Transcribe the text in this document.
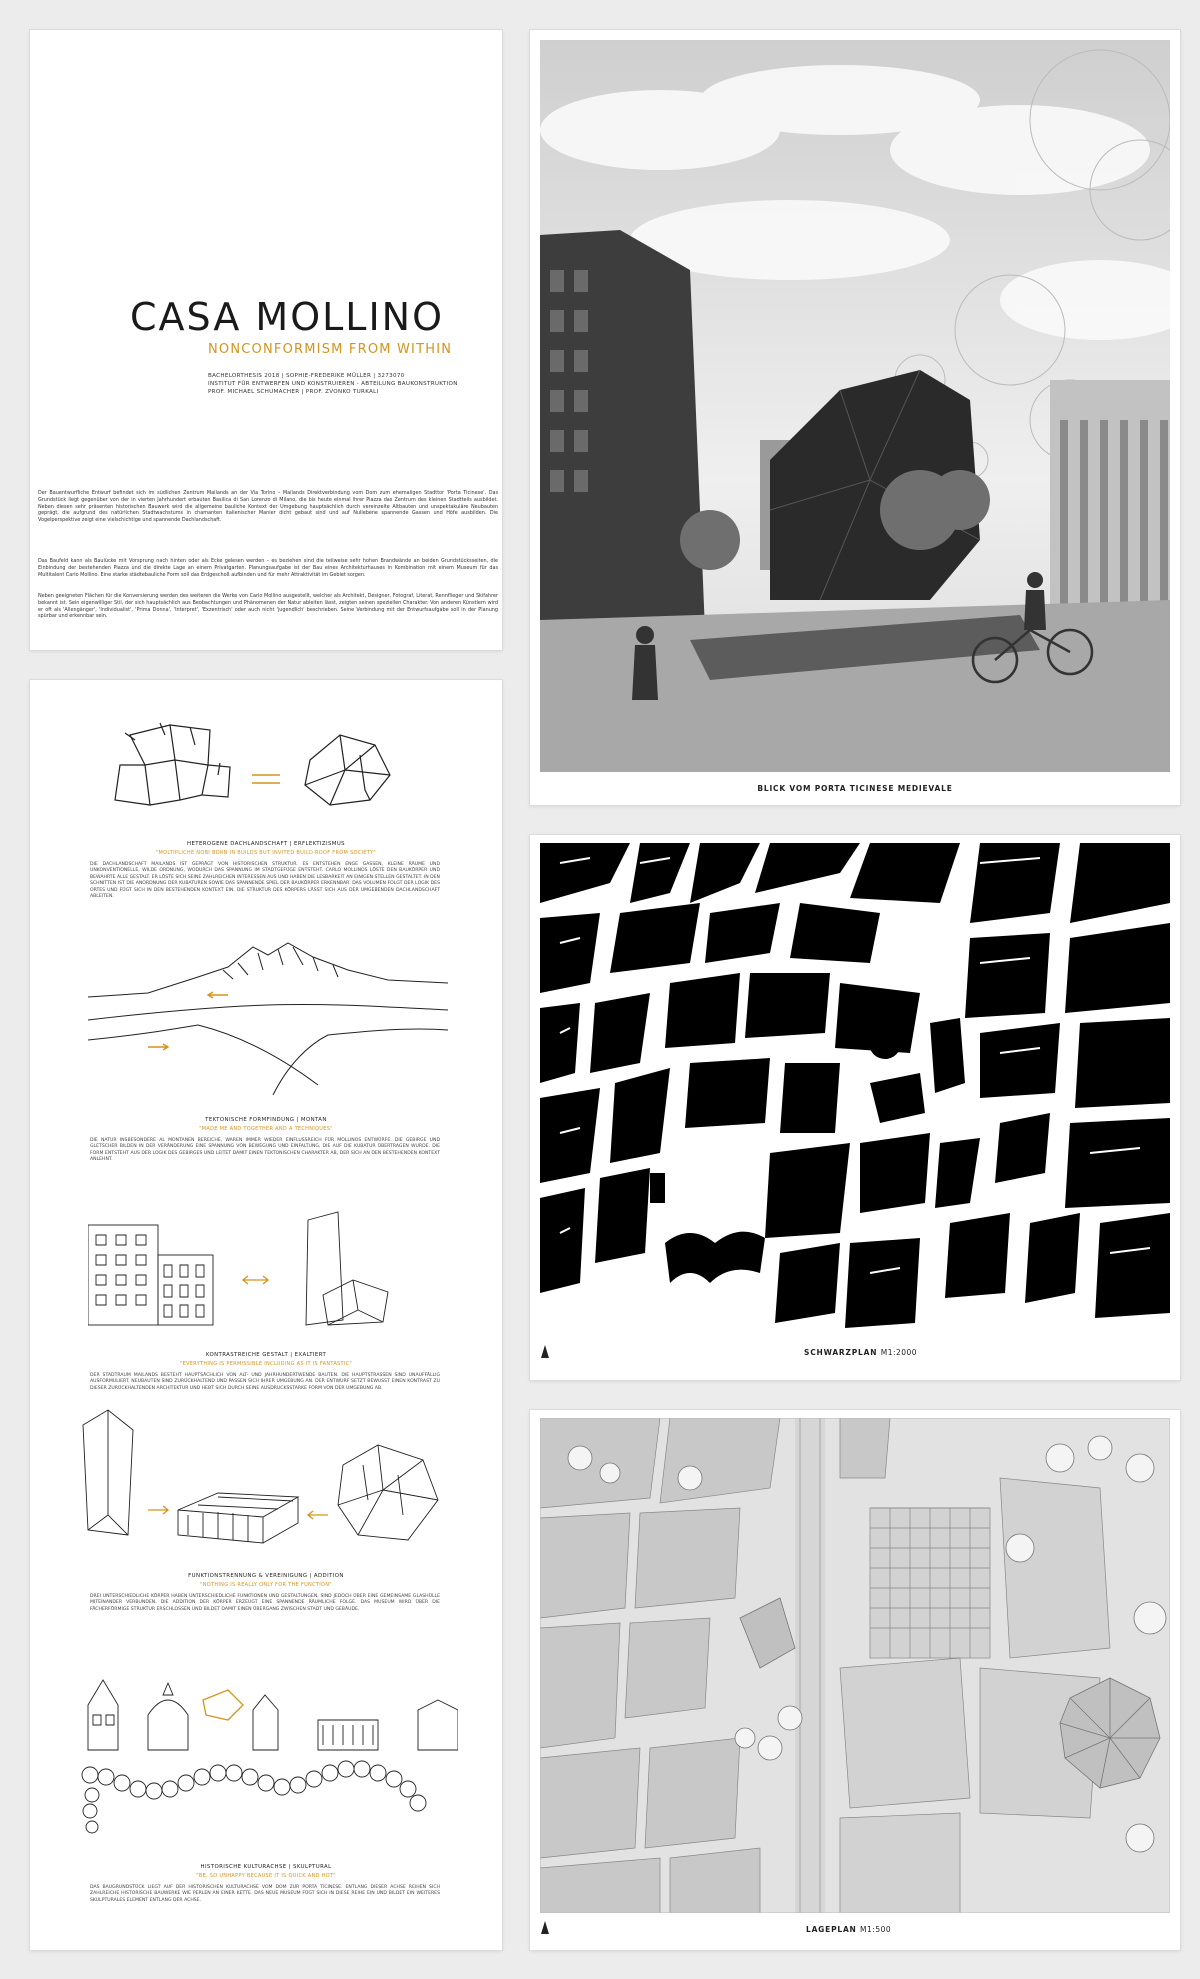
CASA MOLLINO
NONCONFORMISM FROM WITHIN
BACHELORTHESIS 2018 | SOPHIE-FREDERIKE MÜLLER | 3273070
INSTITUT FÜR ENTWERFEN UND KONSTRUIEREN - ABTEILUNG BAUKONSTRUKTION
PROF. MICHAEL SCHUMACHER | PROF. ZVONKO TURKALI
Der Bauentwurfliche Entwurf befindet sich im südlichen Zentrum Mailands an der Via Torino – Mailands Direktverbindung vom Dom zum ehemaligen Stadttor 'Porta Ticinese'. Das Grundstück liegt gegenüber von der in vierten Jahrhundert erbauten Basilica di San Lorenzo di Milano, die bis heute einmal ihrer Piazza das Zentrum des kleinen Stadtteils ausbildet. Neben diesen sehr präsenten historischen Bauwerk wird die allgemeine bauliche Kontext der Umgebung hauptsächlich durch vereinzelte Altbauten und unspektakuläre Neubauten geprägt, die aufgrund des natürlichen Stadtwachstums in chamanten italienischer Manier dicht gebaut sind und auf Nullebene spannende Gassen und Höfe ausbilden. Die Vogelperspektive zeigt eine vielschichtige und spannende Dachlandschaft.
Das Baufeld kann als Baulücke mit Vorsprung nach hinten oder als Ecke gelesen werden – es beziehen sind die teilweise sehr hohen Brandwände an beiden Grundstücksseiten, die Einbindung der bestehenden Piazza und die direkte Lage an einem Privatgarten. Planungsaufgabe ist der Bau eines Architekturhauses in Kombination mit einem Museum für das Multitalent Carlo Mollino. Eine starke städtebauliche Form soll das Erdgeschoß aufbinden und für mehr Attraktivität im Gebiet sorgen.
Neben geeigneten Flächen für die Konversierung werden des weiteren die Werke von Carlo Mollino ausgestellt, welcher als Architekt, Designer, Fotograf, Literat, Rennflieger und Skifahrer bekannt ist. Sein eigenwilliger Stil, der sich hauptsächlich aus Beobachtungen und Phänomenen der Natur ableiten lässt, zeigten seinen speziellen Charakter. Von anderen Künstlern wird er oft als 'Allengänger', 'Individualist', 'Prima Donna', 'Interpret', 'Exzentrisch' oder auch nicht 'jugendlich' beschrieben. Seine Verbindung mit der Entwurfsaufgabe soll in der Planung spürbar und erkennbar sein.
HETEROGENE DACHLANDSCHAFT | ERFLEKTIZISMUS
"MOLTIPLICHE NOBI BORN IN BUILDS BUT INVITED BUILD ROOF FROM SOCIETY"
DIE DACHLANDSCHAFT MAILANDS IST GEPRÄGT VON HISTORISCHEN STRUKTUR. ES ENTSTEHEN ENGE GASSEN, KLEINE RÄUME UND UNKONVENTIONELLE, WILDE ORDNUNG, WODURCH DAS SPANNUNG IM STADTGEFÜGE ENTSTEHT. CARLO MOLLINOS LÖSTE DEN BAUKÖRPER UND BEWAHRTE ALLE GESTALT. ER LÖSTE SICH SEINE ZAHLREICHEN INTERESSEN AUS UND HABEN DIE LESBARKEIT AN EINIGEN STELLEN GESTALTET. IN DEN SCHNITTEN IST DIE ANORDNUNG DER KUBATUREN SOWIE DAS SPANNENDE SPIEL DER BAUKÖRPER ERKENNBAR. DAS VOLUMEN FOLGT DER LOGIK DES ORTES UND FÜGT SICH IN DEN BESTEHENDEN KONTEXT EIN. DIE STRUKTUR DES KÖRPERS LÄSST SICH AUS DER UMGEBENDEN DACHLANDSCHAFT ABLEITEN.
TEKTONISCHE FORMFINDUNG | MONTAN
"MADE ME AND TOGETHER AND A TECHNIQUES"
DIE NATUR INSBESONDERE AL MONTANEN BEREICHE, WAREN IMMER WIEDER EINFLUSSREICH FÜR MOLLINOS ENTWÜRFE. DIE GEBIRGE UND GLETSCHER BILDEN IN DER VERÄNDERUNG EINE SPANNUNG VON BEWEGUNG UND EINFALTUNG, DIE AUF DIE KUBATUR ÜBERTRAGEN WURDE. DIE FORM ENTSTEHT AUS DER LOGIK DES GEBIRGES UND LEITET DAMIT EINEN TEKTONISCHEN CHARAKTER AB, DER SICH AN DEN BESTEHENDEN KONTEXT ANLEHNT.
KONTRASTREICHE GESTALT | EXALTIERT
"EVERYTHING IS PERMISSIBLE INCLUDING AS IT IS FANTASTIC"
DER STADTRAUM MAILANDS BESTEHT HAUPTSÄCHLICH VON ALT- UND JAHRHUNDERTWENDE BAUTEN. DIE HAUPTSTRASSEN SIND UNAUFFÄLLIG AUSFORMULIERT. NEUBAUTEN SIND ZURÜCKHALTEND UND PASSEN SICH IHRER UMGEBUNG AN. DER ENTWURF SETZT BEWUSST EINEN KONTRAST ZU DIESER ZURÜCKHALTENDEN ARCHITEKTUR UND HEBT SICH DURCH SEINE AUSDRUCKSSTARKE FORM VON DER UMGEBUNG AB.
FUNKTIONSTRENNUNG & VEREINIGUNG | ADDITION
"NOTHING IS REALLY ONLY FOR THE FUNCTION"
DREI UNTERSCHIEDLICHE KÖRPER HABEN UNTERSCHIEDLICHE FUNKTIONEN UND GESTALTUNGEN, SIND JEDOCH ÜBER EINE GEMEINSAME GLASHÜLLE MITEINANDER VERBUNDEN. DIE ADDITION DER KÖRPER ERZEUGT EINE SPANNENDE RÄUMLICHE FOLGE. DAS MUSEUM WIRD ÜBER DIE FÄCHERFÖRMIGE STRUKTUR ERSCHLOSSEN UND BILDET DAMIT EINEN ÜBERGANG ZWISCHEN STADT UND GEBÄUDE.
HISTORISCHE KULTURACHSE | SKULPTURAL
"BE, SO UNHAPPY BECAUSE IT IS QUICK AND HOT"
DAS BAUGRUNDSTÜCK LIEGT AUF DER HISTORISCHEN KULTURACHSE VOM DOM ZUR PORTA TICINESE. ENTLANG DIESER ACHSE REIHEN SICH ZAHLREICHE HISTORISCHE BAUWERKE WIE PERLEN AN EINER KETTE. DAS NEUE MUSEUM FÜGT SICH IN DIESE REIHE EIN UND BILDET EIN WEITERES SKULPTURALES ELEMENT ENTLANG DER ACHSE.
BLICK VOM PORTA TICINESE MEDIEVALE
SCHWARZPLAN M1:2000
LAGEPLAN M1:500
